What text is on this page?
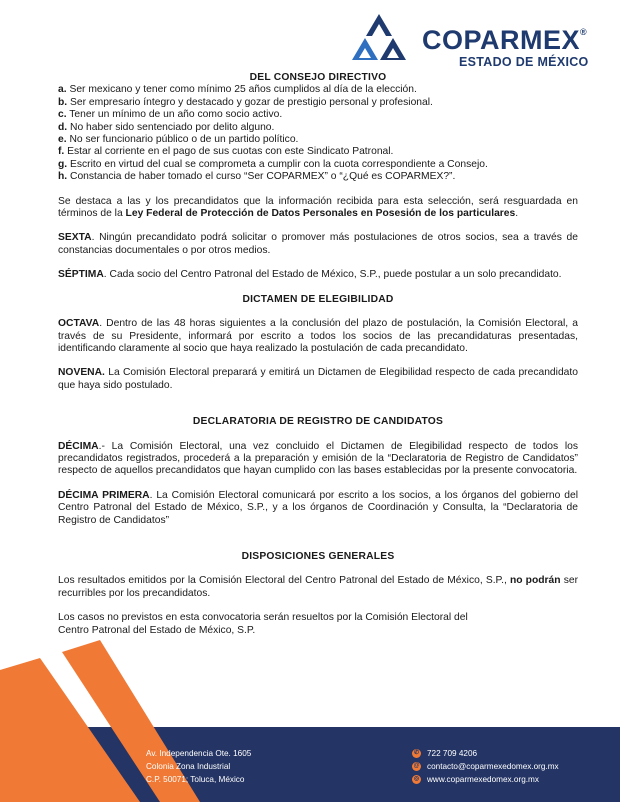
COPARMEX®
ESTADO DE MÉXICO

DEL CONSEJO DIRECTIVO

a. Ser mexicano y tener como mínimo 25 años cumplidos al día de la elección.
b. Ser empresario íntegro y destacado y gozar de prestigio personal y profesional.
c. Tener un mínimo de un año como socio activo.
d. No haber sido sentenciado por delito alguno.
e. No ser funcionario público o de un partido político.
f. Estar al corriente en el pago de sus cuotas con este Sindicato Patronal.
g. Escrito en virtud del cual se comprometa a cumplir con la cuota correspondiente a Consejo.
h. Constancia de haber tomado el curso “Ser COPARMEX” o “¿Qué es COPARMEX?”.

Se destaca a las y los precandidatos que la información recibida para esta selección, será resguardada en términos de la Ley Federal de Protección de Datos Personales en Posesión de los particulares.

SEXTA. Ningún precandidato podrá solicitar o promover más postulaciones de otros socios, sea a través de constancias documentales o por otros medios.

SÉPTIMA. Cada socio del Centro Patronal del Estado de México, S.P., puede postular a un solo precandidato.

DICTAMEN DE ELEGIBILIDAD

OCTAVA. Dentro de las 48 horas siguientes a la conclusión del plazo de postulación, la Comisión Electoral, a través de su Presidente, informará por escrito a todos los socios de las precandidaturas presentadas, identificando claramente al socio que haya realizado la postulación de cada precandidato.

NOVENA. La Comisión Electoral preparará y emitirá un Dictamen de Elegibilidad respecto de cada precandidato que haya sido postulado.

DECLARATORIA DE REGISTRO DE CANDIDATOS

DÉCIMA.- La Comisión Electoral, una vez concluido el Dictamen de Elegibilidad respecto de todos los precandidatos registrados, procederá a la preparación y emisión de la “Declaratoria de Registro de Candidatos” respecto de aquellos precandidatos que hayan cumplido con las bases establecidas por la presente convocatoria.

DÉCIMA PRIMERA. La Comisión Electoral comunicará por escrito a los socios, a los órganos del gobierno del Centro Patronal del Estado de México, S.P., y a los órganos de Coordinación y Consulta, la “Declaratoria de Registro de Candidatos”

DISPOSICIONES GENERALES

Los resultados emitidos por la Comisión Electoral del Centro Patronal del Estado de México, S.P., no podrán ser recurribles por los precandidatos.

Los casos no previstos en esta convocatoria serán resueltos por la Comisión Electoral del
Centro Patronal del Estado de México, S.P.

Av. Independencia Ote. 1605
Colonia Zona Industrial
C.P. 50071; Toluca, México
✆ 722 709 4206
@ contacto@coparmexedomex.org.mx
◎ www.coparmexedomex.org.mx
